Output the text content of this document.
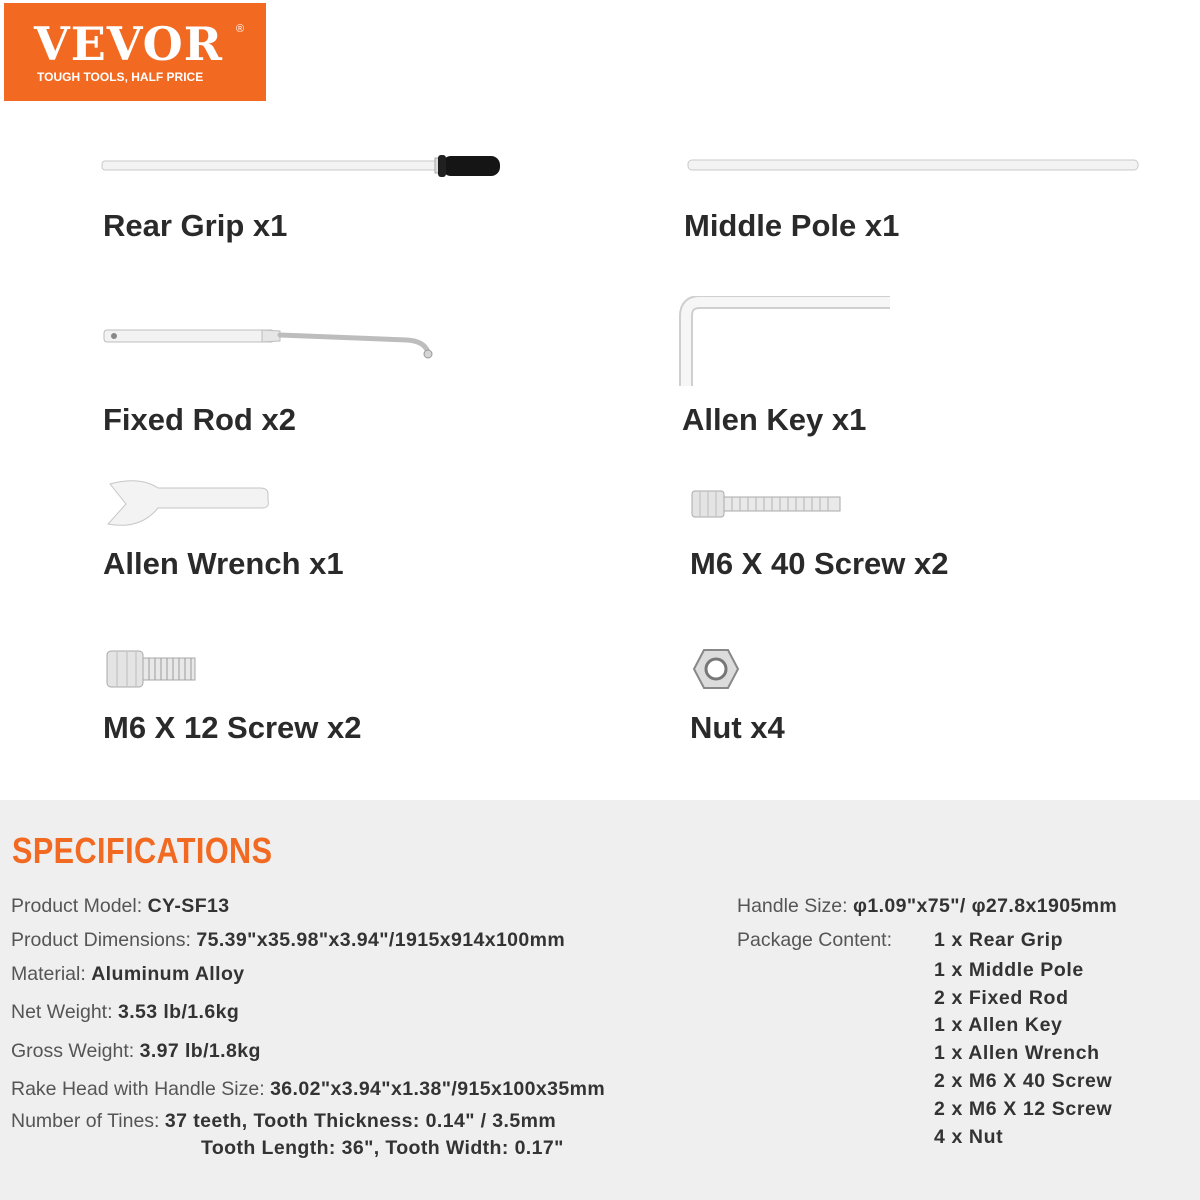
VEVOR ®
TOUGH TOOLS, HALF PRICE
Rear Grip x1	Middle Pole x1
Fixed Rod x2	Allen Key x1
Allen Wrench x1	M6 X 40 Screw x2
M6 X 12 Screw x2	Nut x4
SPECIFICATIONS
Product Model: CY-SF13
Product Dimensions: 75.39"x35.98"x3.94"/1915x914x100mm
Material: Aluminum Alloy
Net Weight: 3.53 lb/1.6kg
Gross Weight: 3.97 lb/1.8kg
Rake Head with Handle Size: 36.02"x3.94"x1.38"/915x100x35mm
Number of Tines: 37 teeth, Tooth Thickness: 0.14" / 3.5mm
Tooth Length: 36", Tooth Width: 0.17"
Handle Size: φ1.09"x75"/ φ27.8x1905mm
Package Content: 1 x Rear Grip
1 x Middle Pole
2 x Fixed Rod
1 x Allen Key
1 x Allen Wrench
2 x M6 X 40 Screw
2 x M6 X 12 Screw
4 x Nut
